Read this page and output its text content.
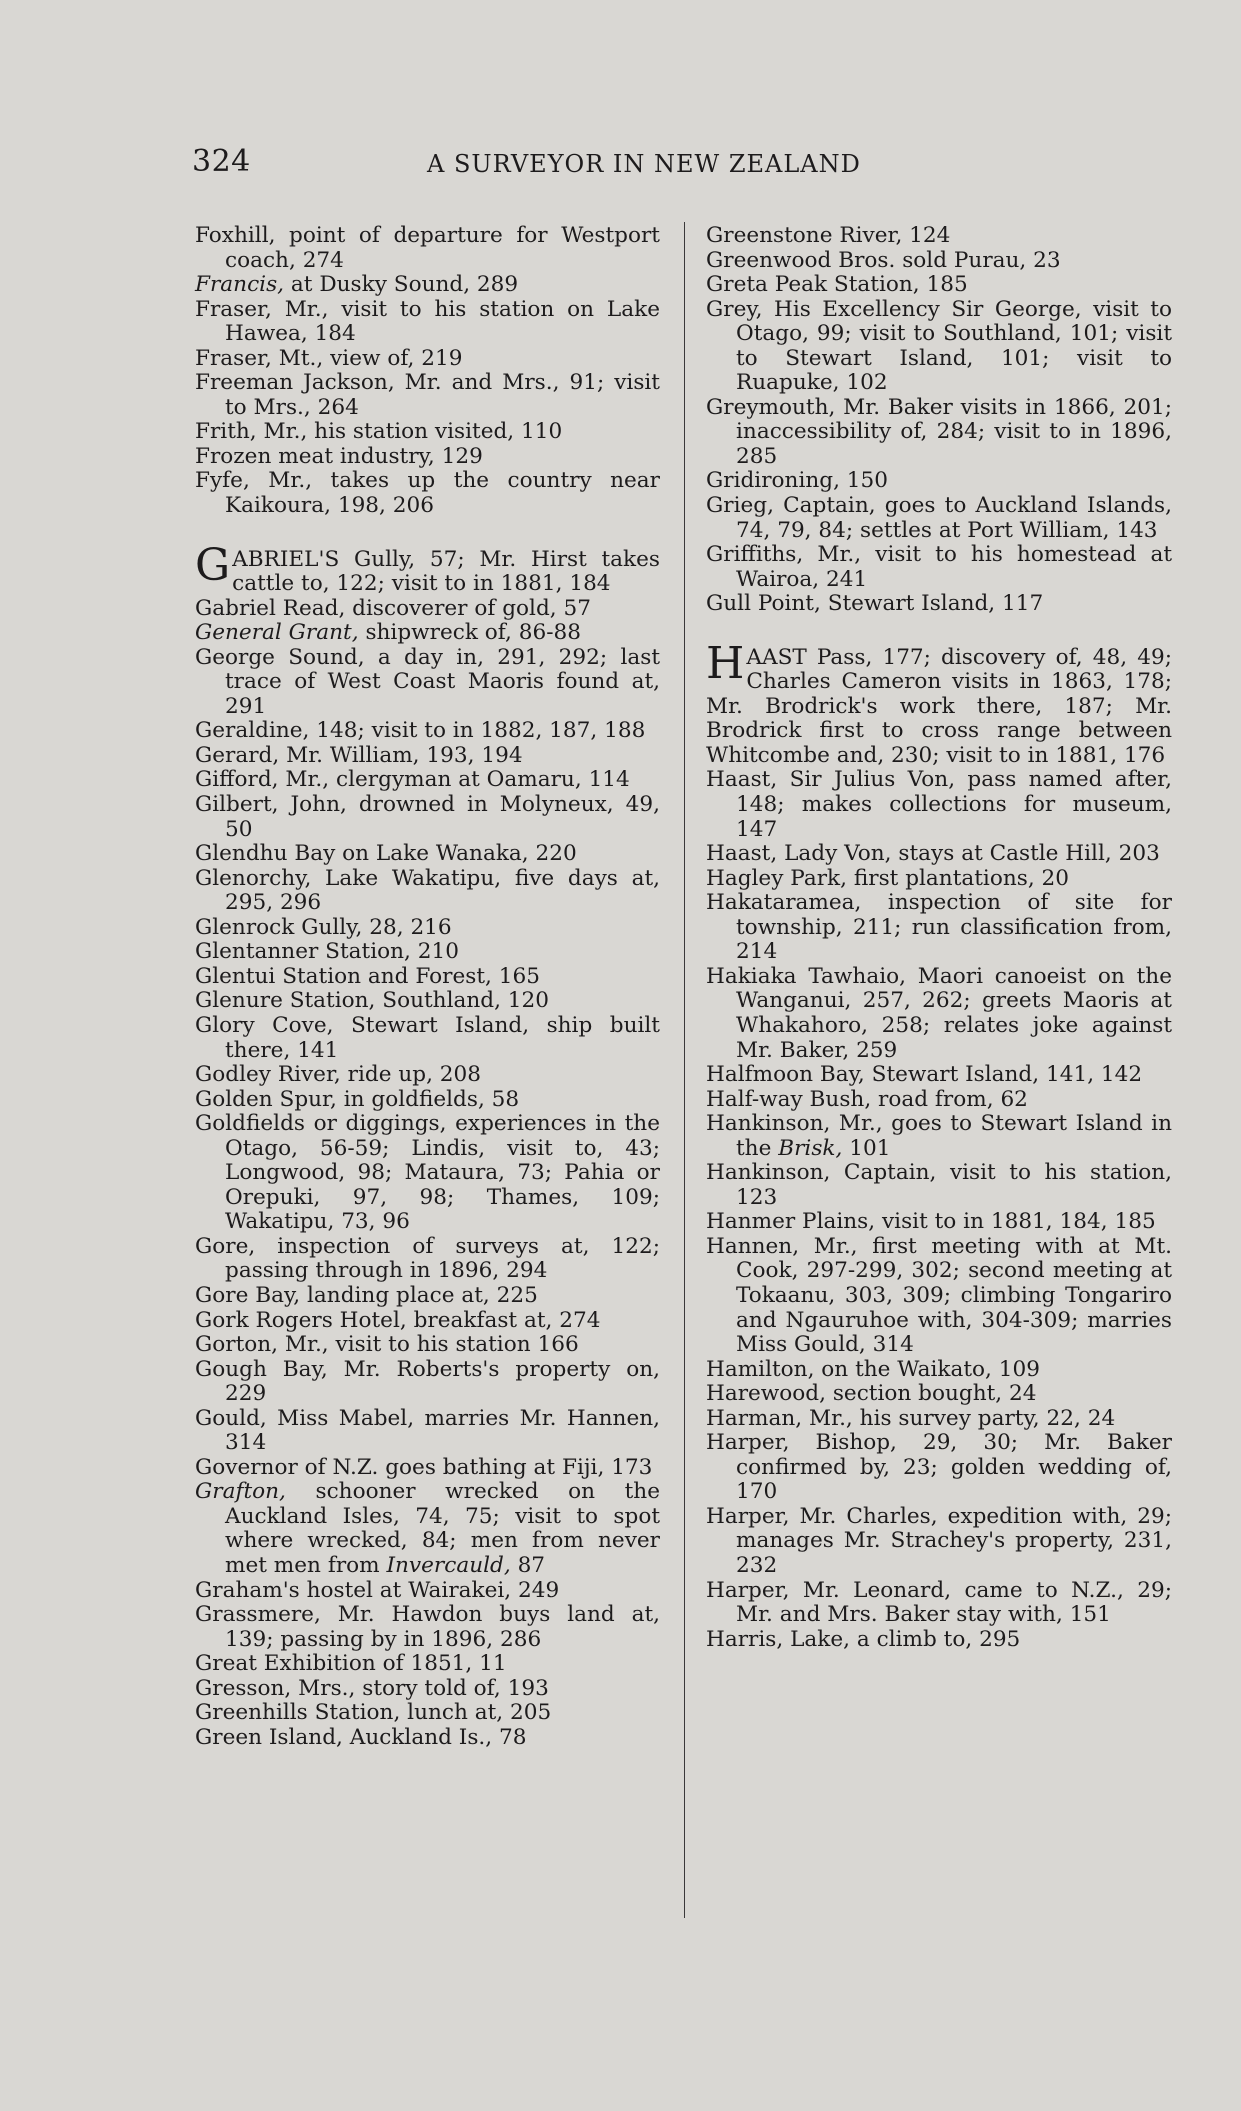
324	A SURVEYOR IN NEW ZEALAND

Foxhill, point of departure for Westport coach, 274

Francis, at Dusky Sound, 289

Fraser, Mr., visit to his station on Lake Hawea, 184

Fraser, Mt., view of, 219

Freeman Jackson, Mr. and Mrs., 91; visit to Mrs., 264

Frith, Mr., his station visited, 110

Frozen meat industry, 129

Fyfe, Mr., takes up the country near Kaikoura, 198, 206

GABRIEL'S Gully, 57; Mr. Hirst takes cattle to, 122; visit to in 1881, 184

Gabriel Read, discoverer of gold, 57

General Grant, shipwreck of, 86-88

George Sound, a day in, 291, 292; last trace of West Coast Maoris found at, 291

Geraldine, 148; visit to in 1882, 187, 188

Gerard, Mr. William, 193, 194

Gifford, Mr., clergyman at Oamaru, 114

Gilbert, John, drowned in Molyneux, 49, 50

Glendhu Bay on Lake Wanaka, 220

Glenorchy, Lake Wakatipu, five days at, 295, 296

Glenrock Gully, 28, 216

Glentanner Station, 210

Glentui Station and Forest, 165

Glenure Station, Southland, 120

Glory Cove, Stewart Island, ship built there, 141

Godley River, ride up, 208

Golden Spur, in goldfields, 58

Goldfields or diggings, experiences in the Otago, 56-59; Lindis, visit to, 43; Longwood, 98; Mataura, 73; Pahia or Orepuki, 97, 98; Thames, 109; Wakatipu, 73, 96

Gore, inspection of surveys at, 122; passing through in 1896, 294

Gore Bay, landing place at, 225

Gork Rogers Hotel, breakfast at, 274

Gorton, Mr., visit to his station 166

Gough Bay, Mr. Roberts's property on, 229

Gould, Miss Mabel, marries Mr. Hannen, 314

Governor of N.Z. goes bathing at Fiji, 173

Grafton, schooner wrecked on the Auckland Isles, 74, 75; visit to spot where wrecked, 84; men from never met men from Invercauld, 87

Graham's hostel at Wairakei, 249

Grassmere, Mr. Hawdon buys land at, 139; passing by in 1896, 286

Great Exhibition of 1851, 11

Gresson, Mrs., story told of, 193

Greenhills Station, lunch at, 205

Green Island, Auckland Is., 78

Greenstone River, 124

Greenwood Bros. sold Purau, 23

Greta Peak Station, 185

Grey, His Excellency Sir George, visit to Otago, 99; visit to Southland, 101; visit to Stewart Island, 101; visit to Ruapuke, 102

Greymouth, Mr. Baker visits in 1866, 201; inaccessibility of, 284; visit to in 1896, 285

Gridironing, 150

Grieg, Captain, goes to Auckland Islands, 74, 79, 84; settles at Port William, 143

Griffiths, Mr., visit to his homestead at Wairoa, 241

Gull Point, Stewart Island, 117

HAAST Pass, 177; discovery of, 48, 49; Charles Cameron visits in 1863, 178; Mr. Brodrick's work there, 187; Mr. Brodrick first to cross range between Whitcombe and, 230; visit to in 1881, 176

Haast, Sir Julius Von, pass named after, 148; makes collections for museum, 147

Haast, Lady Von, stays at Castle Hill, 203

Hagley Park, first plantations, 20

Hakataramea, inspection of site for township, 211; run classification from, 214

Hakiaka Tawhaio, Maori canoeist on the Wanganui, 257, 262; greets Maoris at Whakahoro, 258; relates joke against Mr. Baker, 259

Halfmoon Bay, Stewart Island, 141, 142

Half-way Bush, road from, 62

Hankinson, Mr., goes to Stewart Island in the Brisk, 101

Hankinson, Captain, visit to his station, 123

Hanmer Plains, visit to in 1881, 184, 185

Hannen, Mr., first meeting with at Mt. Cook, 297-299, 302; second meeting at Tokaanu, 303, 309; climbing Tongariro and Ngauruhoe with, 304-309; marries Miss Gould, 314

Hamilton, on the Waikato, 109

Harewood, section bought, 24

Harman, Mr., his survey party, 22, 24

Harper, Bishop, 29, 30; Mr. Baker confirmed by, 23; golden wedding of, 170

Harper, Mr. Charles, expedition with, 29; manages Mr. Strachey's property, 231, 232

Harper, Mr. Leonard, came to N.Z., 29; Mr. and Mrs. Baker stay with, 151

Harris, Lake, a climb to, 295
